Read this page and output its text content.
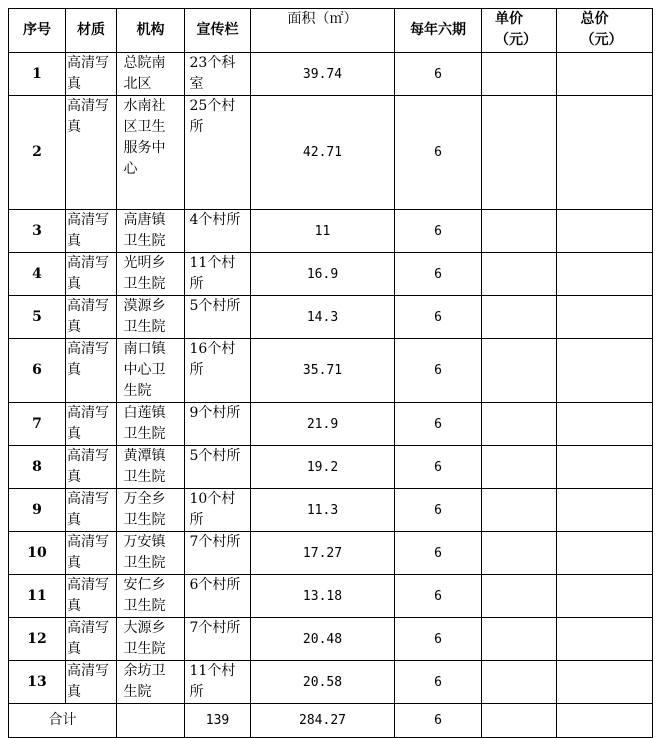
序号	材质	机构	宣传栏	面积（㎡）	每年六期	单价（元）	总价（元）

1	高清写真	总院南北区	23个科室	39.74	6		
2	高清写真	水南社区卫生服务中心	25个村所	42.71	6		
3	高清写真	高唐镇卫生院	4个村所	11	6		
4	高清写真	光明乡卫生院	11个村所	16.9	6		
5	高清写真	漠源乡卫生院	5个村所	14.3	6		
6	高清写真	南口镇中心卫生院	16个村所	35.71	6		
7	高清写真	白莲镇卫生院	9个村所	21.9	6		
8	高清写真	黄潭镇卫生院	5个村所	19.2	6		
9	高清写真	万全乡卫生院	10个村所	11.3	6		
10	高清写真	万安镇卫生院	7个村所	17.27	6		
11	高清写真	安仁乡卫生院	6个村所	13.18	6		
12	高清写真	大源乡卫生院	7个村所	20.48	6		
13	高清写真	余坊卫生院	11个村所	20.58	6		
合计			139	284.27	6		
